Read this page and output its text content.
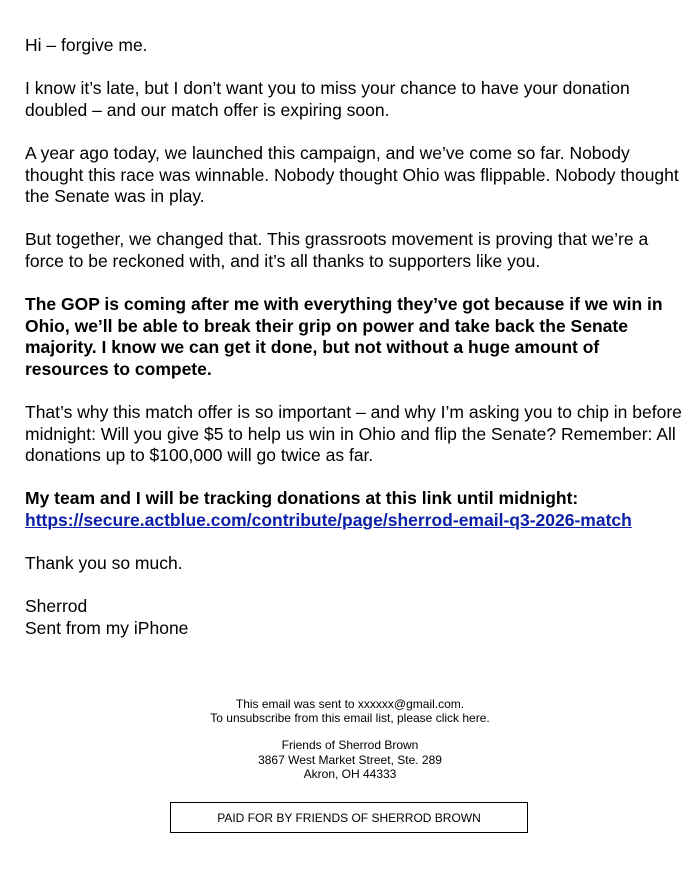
Hi – forgive me.

I know it’s late, but I don’t want you to miss your chance to have your donation doubled – and our match offer is expiring soon.

A year ago today, we launched this campaign, and we’ve come so far. Nobody thought this race was winnable. Nobody thought Ohio was flippable. Nobody thought the Senate was in play.

But together, we changed that. This grassroots movement is proving that we’re a force to be reckoned with, and it’s all thanks to supporters like you.

The GOP is coming after me with everything they’ve got because if we win in Ohio, we’ll be able to break their grip on power and take back the Senate majority. I know we can get it done, but not without a huge amount of resources to compete.

That’s why this match offer is so important – and why I’m asking you to chip in before midnight: Will you give $5 to help us win in Ohio and flip the Senate? Remember: All donations up to $100,000 will go twice as far.

My team and I will be tracking donations at this link until midnight:
https://secure.actblue.com/contribute/page/sherrod-email-q3-2026-match

Thank you so much.

Sherrod

Sent from my iPhone

This email was sent to xxxxxx@gmail.com.

To unsubscribe from this email list, please click here.

Friends of Sherrod Brown

3867 West Market Street, Ste. 289

Akron, OH 44333

PAID FOR BY FRIENDS OF SHERROD BROWN
